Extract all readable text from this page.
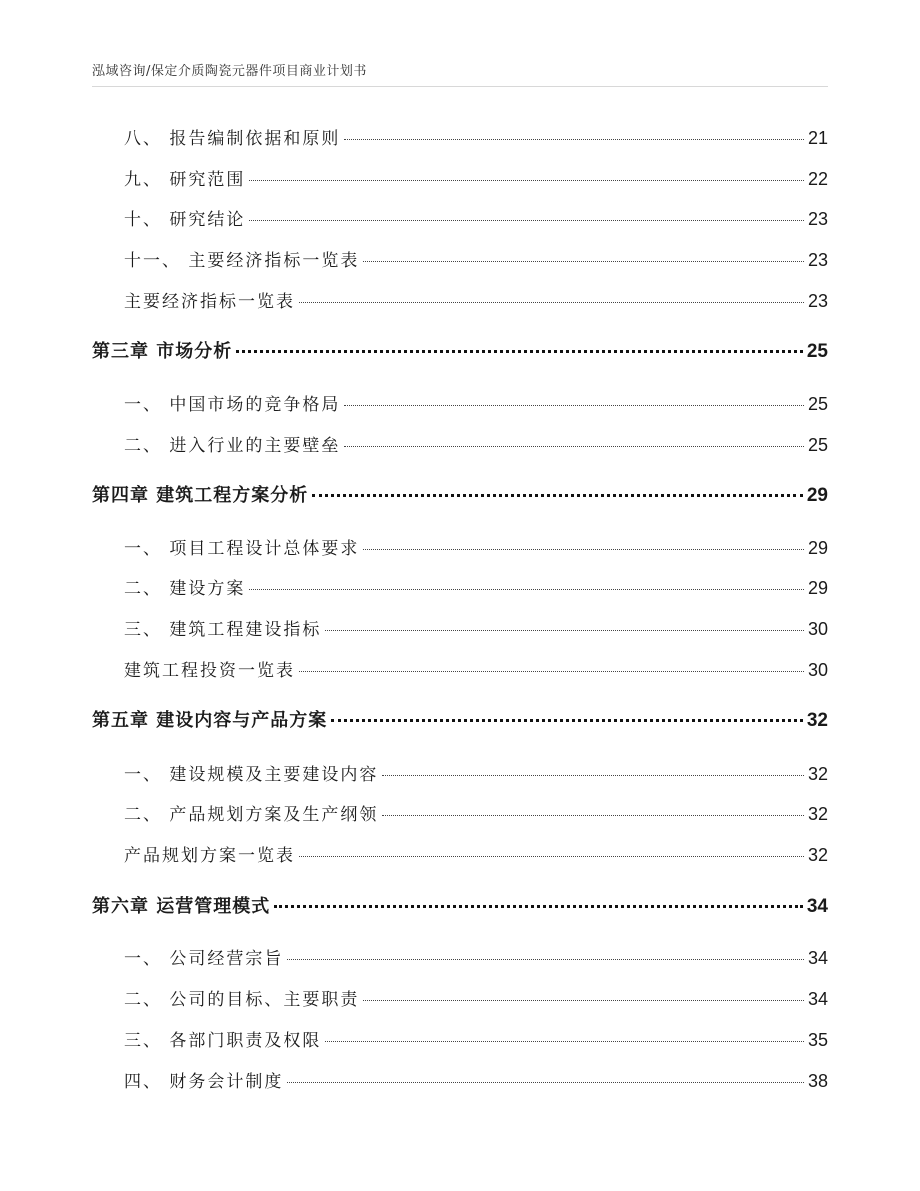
泓域咨询/保定介质陶瓷元器件项目商业计划书
八、 报告编制依据和原则	21
九、 研究范围	22
十、 研究结论	23
十一、 主要经济指标一览表	23
主要经济指标一览表	23
第三章 市场分析	25
一、 中国市场的竞争格局	25
二、 进入行业的主要壁垒	25
第四章 建筑工程方案分析	29
一、 项目工程设计总体要求	29
二、 建设方案	29
三、 建筑工程建设指标	30
建筑工程投资一览表	30
第五章 建设内容与产品方案	32
一、 建设规模及主要建设内容	32
二、 产品规划方案及生产纲领	32
产品规划方案一览表	32
第六章 运营管理模式	34
一、 公司经营宗旨	34
二、 公司的目标、主要职责	34
三、 各部门职责及权限	35
四、 财务会计制度	38
